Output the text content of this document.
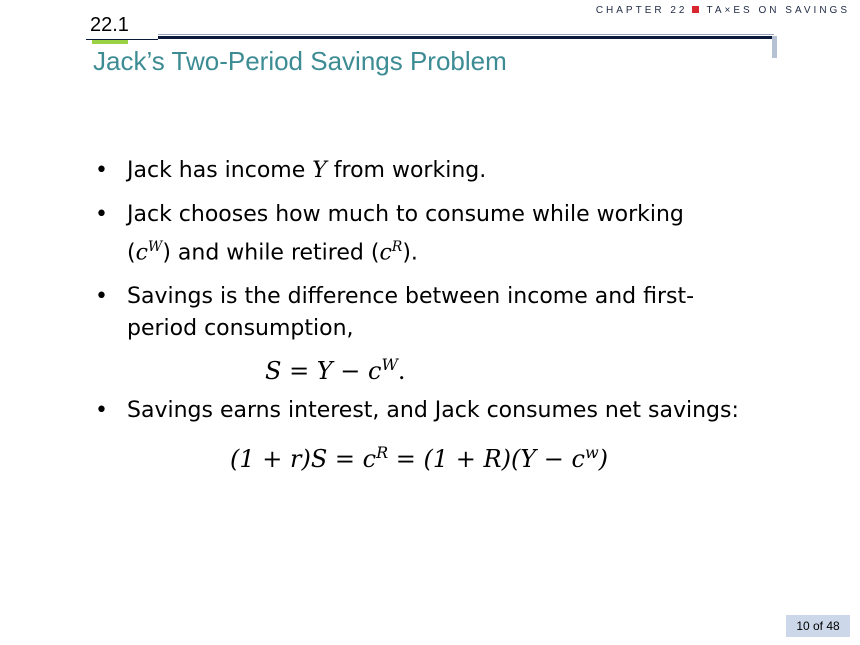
CHAPTER 22 TA×ES ON SAVINGS
22.1
Jack’s Two-Period Savings Problem
• Jack has income Y from working.
• Jack chooses how much to consume while working
$(c^W)$ and while retired $(c^R)$.
• Savings is the difference between income and first-
period consumption,
$S = Y - c^W$.
• Savings earns interest, and Jack consumes net savings:
$(1 + r)S = c^R = (1 + R)(Y - c^w)$
10 of 48
